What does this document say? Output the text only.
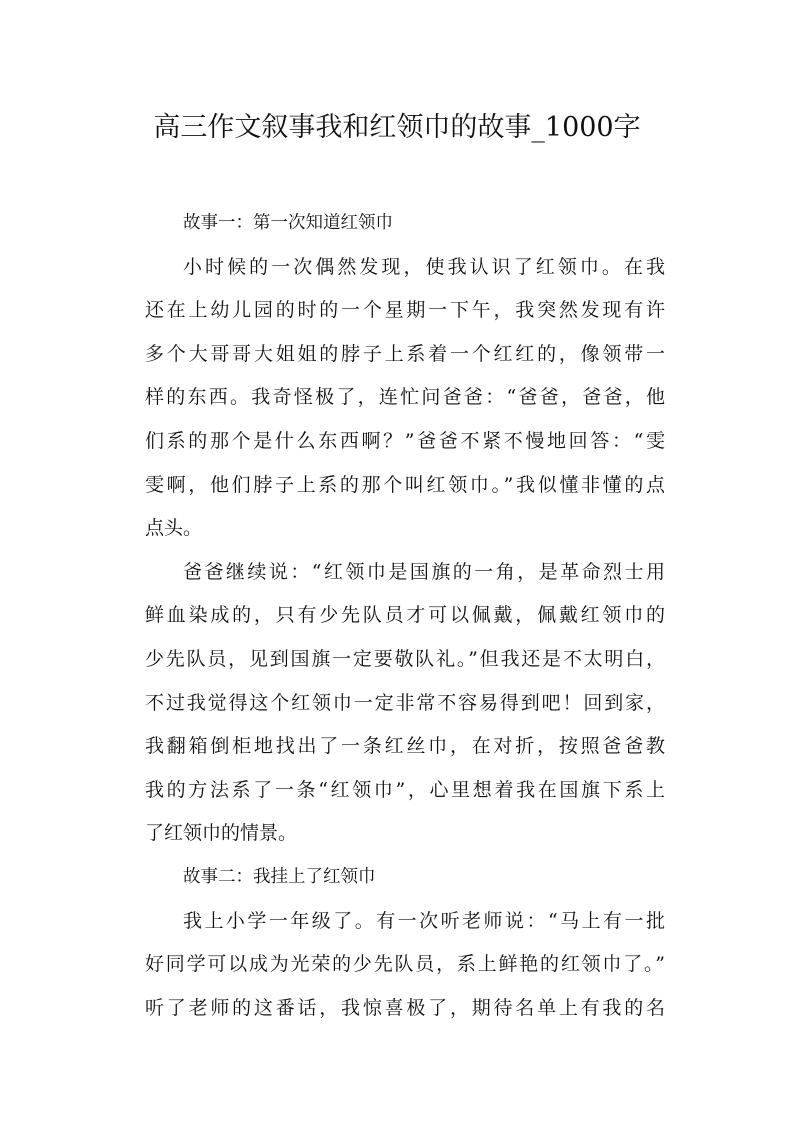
高三作文叙事我和红领巾的故事_1000字
故事一：第一次知道红领巾
小时候的一次偶然发现，使我认识了红领巾。在我
还在上幼儿园的时的一个星期一下午，我突然发现有许
多个大哥哥大姐姐的脖子上系着一个红红的，像领带一
样的东西。我奇怪极了，连忙问爸爸：“爸爸，爸爸，他
们系的那个是什么东西啊？”爸爸不紧不慢地回答：“雯
雯啊，他们脖子上系的那个叫红领巾。”我似懂非懂的点
点头。
爸爸继续说：“红领巾是国旗的一角，是革命烈士用
鲜血染成的，只有少先队员才可以佩戴，佩戴红领巾的
少先队员，见到国旗一定要敬队礼。”但我还是不太明白，
不过我觉得这个红领巾一定非常不容易得到吧！回到家，
我翻箱倒柜地找出了一条红丝巾，在对折，按照爸爸教
我的方法系了一条“红领巾”，心里想着我在国旗下系上
了红领巾的情景。
故事二：我挂上了红领巾
我上小学一年级了。有一次听老师说：“马上有一批
好同学可以成为光荣的少先队员，系上鲜艳的红领巾了。”
听了老师的这番话，我惊喜极了，期待名单上有我的名
